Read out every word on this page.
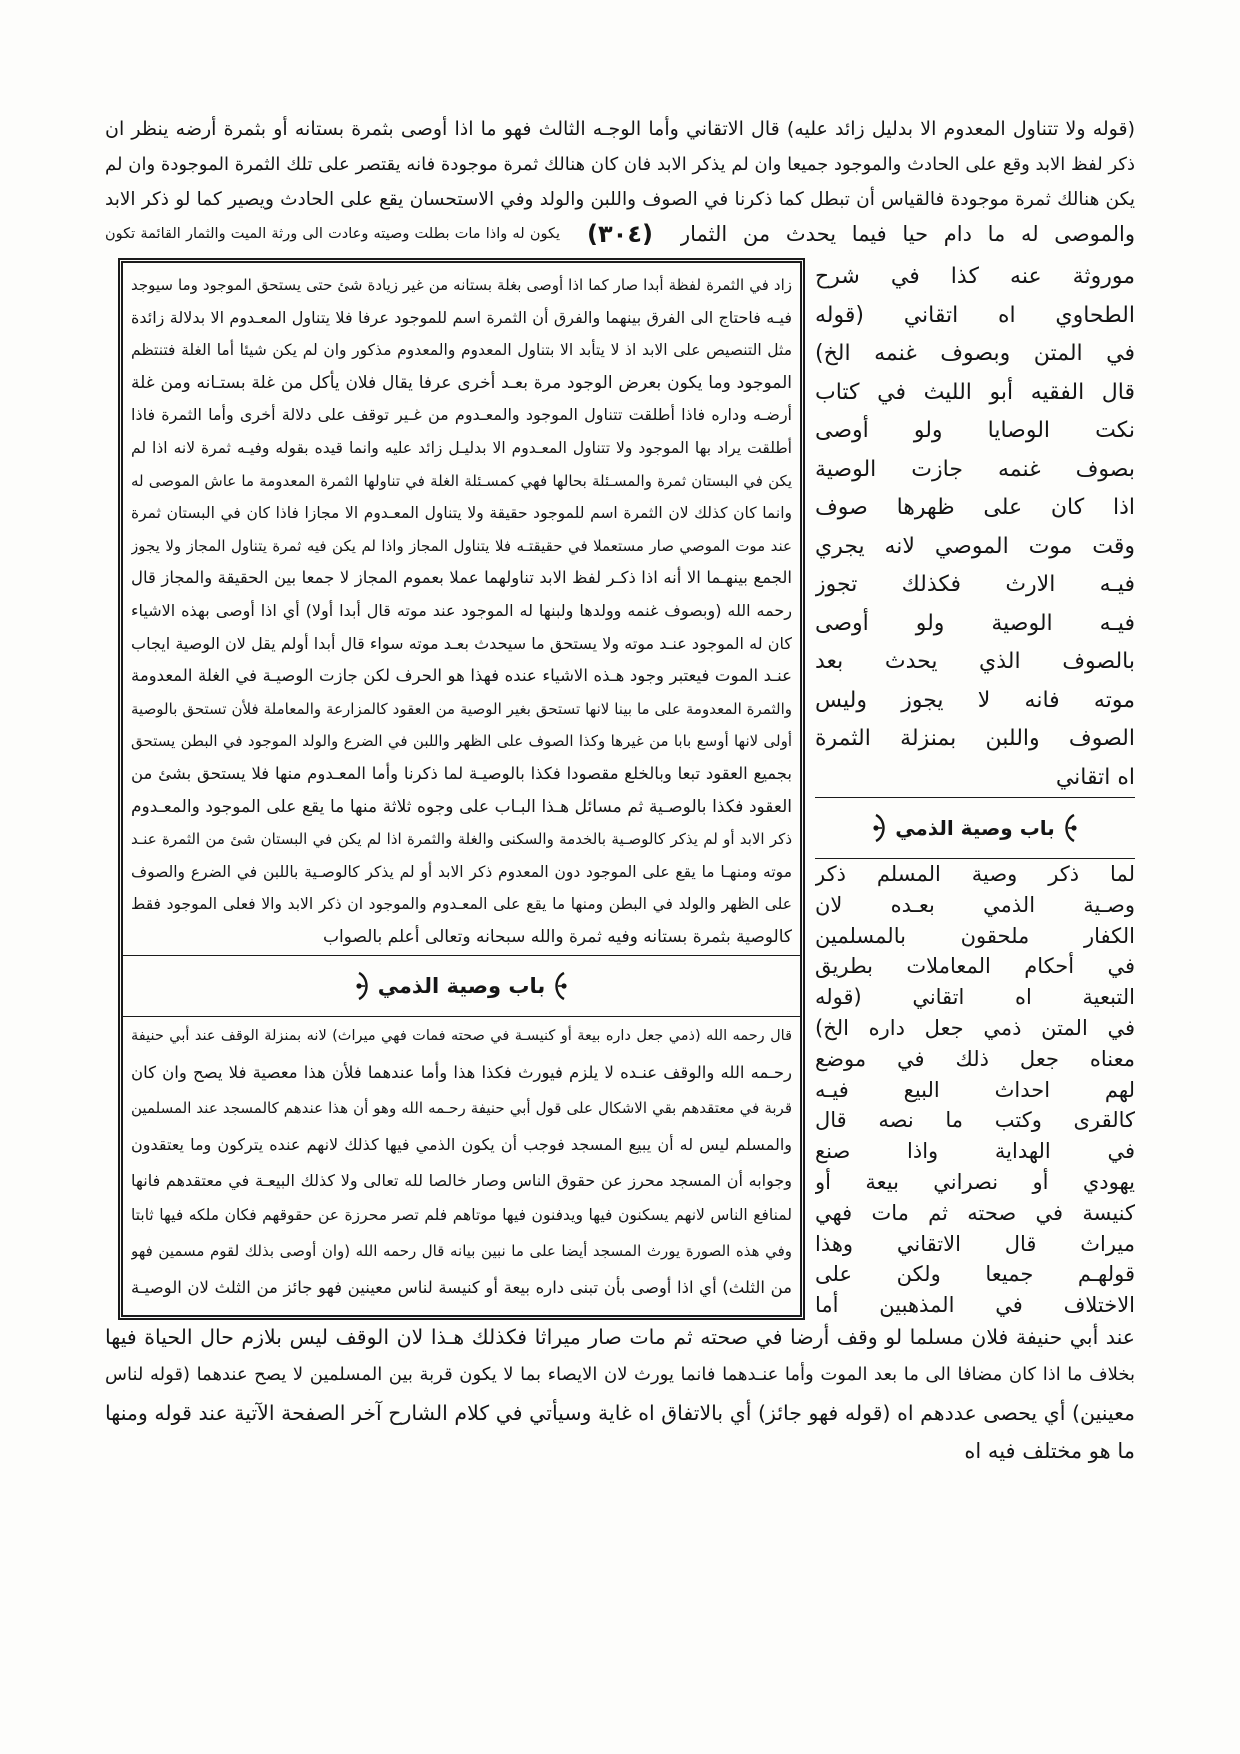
(قوله ولا تتناول المعدوم الا بدليل زائد عليه) قال الاتقاني وأما الوجـه الثالث فهو ما اذا أوصى بثمرة بستانه أو بثمرة أرضه ينظر ان
ذكر لفظ الابد وقع على الحادث والموجود جميعا وان لم يذكر الابد فان كان هنالك ثمرة موجودة فانه يقتصر على تلك الثمرة الموجودة وان لم
يكن هنالك ثمرة موجودة فالقياس أن تبطل كما ذكرنا في الصوف واللبن والولد وفي الاستحسان يقع على الحادث ويصير كما لو ذكر الابد
والموصى له ما دام حيا فيما يحدث من الثمار
(٣٠٤)
يكون له واذا مات بطلت وصيته وعادت الى ورثة الميت والثمار القائمة تكون
زاد في الثمرة لفظة أبدا صار كما اذا أوصى بغلة بستانه من غير زيادة شئ حتى يستحق الموجود وما سيوجد
فيـه فاحتاج الى الفرق بينهما والفرق أن الثمرة اسم للموجود عرفا فلا يتناول المعـدوم الا بدلالة زائدة
مثل التنصيص على الابد اذ لا يتأبد الا بتناول المعدوم والمعدوم مذكور وان لم يكن شيئا أما الغلة فتنتظم
الموجود وما يكون بعرض الوجود مرة بعـد أخرى عرفا يقال فلان يأكل من غلة بستـانه ومن غلة
أرضـه وداره فاذا أطلقت تتناول الموجود والمعـدوم من غـير توقف على دلالة أخرى وأما الثمرة فاذا
أطلقت يراد بها الموجود ولا تتناول المعـدوم الا بدليـل زائد عليه وانما قيده بقوله وفيـه ثمرة لانه اذا لم
يكن في البستان ثمرة والمسـئلة بحالها فهي كمسـئلة الغلة في تناولها الثمرة المعدومة ما عاش الموصى له
وانما كان كذلك لان الثمرة اسم للموجود حقيقة ولا يتناول المعـدوم الا مجازا فاذا كان في البستان ثمرة
عند موت الموصي صار مستعملا في حقيقتـه فلا يتناول المجاز واذا لم يكن فيه ثمرة يتناول المجاز ولا يجوز
الجمع بينهـما الا أنه اذا ذكـر لفظ الابد تناولهما عملا بعموم المجاز لا جمعا بين الحقيقة والمجاز قال
رحمه الله (وبصوف غنمه وولدها ولبنها له الموجود عند موته قال أبدا أولا) أي اذا أوصى بهذه الاشياء
كان له الموجود عنـد موته ولا يستحق ما سيحدث بعـد موته سواء قال أبدا أولم يقل لان الوصية ايجاب
عنـد الموت فيعتبر وجود هـذه الاشياء عنده فهذا هو الحرف لكن جازت الوصيـة في الغلة المعدومة
والثمرة المعدومة على ما بينا لانها تستحق بغير الوصية من العقود كالمزارعة والمعاملة فلأن تستحق بالوصية
أولى لانها أوسع بابا من غيرها وكذا الصوف على الظهر واللبن في الضرع والولد الموجود في البطن يستحق
بجميع العقود تبعا وبالخلع مقصودا فكذا بالوصيـة لما ذكرنا وأما المعـدوم منها فلا يستحق بشئ من
العقود فكذا بالوصـية ثم مسائل هـذا البـاب على وجوه ثلاثة منها ما يقع على الموجود والمعـدوم
ذكر الابد أو لم يذكر كالوصـية بالخدمة والسكنى والغلة والثمرة اذا لم يكن في البستان شئ من الثمرة عنـد
موته ومنهـا ما يقع على الموجود دون المعدوم ذكر الابد أو لم يذكر كالوصـية باللبن في الضرع والصوف
على الظهر والولد في البطن ومنها ما يقع على المعـدوم والموجود ان ذكر الابد والا فعلى الموجود فقط
كالوصية بثمرة بستانه وفيه ثمرة والله سبحانه وتعالى أعلم بالصواب
باب وصية الذمي
قال رحمه الله (ذمي جعل داره بيعة أو كنيسـة في صحته فمات فهي ميراث) لانه بمنزلة الوقف عند أبي حنيفة
رحـمه الله والوقف عنـده لا يلزم فيورث فكذا هذا وأما عندهما فلأن هذا معصية فلا يصح وان كان
قربة في معتقدهم بقي الاشكال على قول أبي حنيفة رحـمه الله وهو أن هذا عندهم كالمسجد عند المسلمين
والمسلم ليس له أن يبيع المسجد فوجب أن يكون الذمي فيها كذلك لانهم عنده يتركون وما يعتقدون
وجوابه أن المسجد محرز عن حقوق الناس وصار خالصا لله تعالى ولا كذلك البيعـة في معتقدهم فانها
لمنافع الناس لانهم يسكنون فيها ويدفنون فيها موتاهم فلم تصر محرزة عن حقوقهم فكان ملكه فيها ثابتا
وفي هذه الصورة يورث المسجد أيضا على ما نبين بيانه قال رحمه الله (وان أوصى بذلك لقوم مسمين فهو
من الثلث) أي اذا أوصى بأن تبنى داره بيعة أو كنيسة لناس معينين فهو جائز من الثلث لان الوصيـة
موروثة عنه كذا في شرح
الطحاوي اه اتقاني (قوله
في المتن وبصوف غنمه الخ)
قال الفقيه أبو الليث في كتاب
نكت الوصايا ولو أوصى
بصوف غنمه جازت الوصية
اذا كان على ظهرها صوف
وقت موت الموصي لانه يجري
فيـه الارث فكذلك تجوز
فيـه الوصية ولو أوصى
بالصوف الذي يحدث بعد
موته فانه لا يجوز وليس
الصوف واللبن بمنزلة الثمرة
اه اتقاني
باب وصية الذمي
لما ذكر وصية المسلم ذكر
وصـية الذمي بعـده لان
الكفار ملحقون بالمسلمين
في أحكام المعاملات بطريق
التبعية اه اتقاني (قوله
في المتن ذمي جعل داره الخ)
معناه جعل ذلك في موضع
لهم احداث البيع فيـه
كالقرى وكتب ما نصه قال
في الهداية واذا صنع
يهودي أو نصراني بيعة أو
كنيسة في صحته ثم مات فهي
ميراث قال الاتقاني وهذا
قولهـم جميعا ولكن على
الاختلاف في المذهبين أما
عند أبي حنيفة فلان مسلما لو وقف أرضا في صحته ثم مات صار ميراثا فكذلك هـذا لان الوقف ليس بلازم حال الحياة فيها
بخلاف ما اذا كان مضافا الى ما بعد الموت وأما عنـدهما فانما يورث لان الايصاء بما لا يكون قربة بين المسلمين لا يصح عندهما (قوله لناس
معينين) أي يحصى عددهم اه (قوله فهو جائز) أي بالاتفاق اه غاية وسيأتي في كلام الشارح آخر الصفحة الآتية عند قوله ومنها
ما هو مختلف فيه اه
